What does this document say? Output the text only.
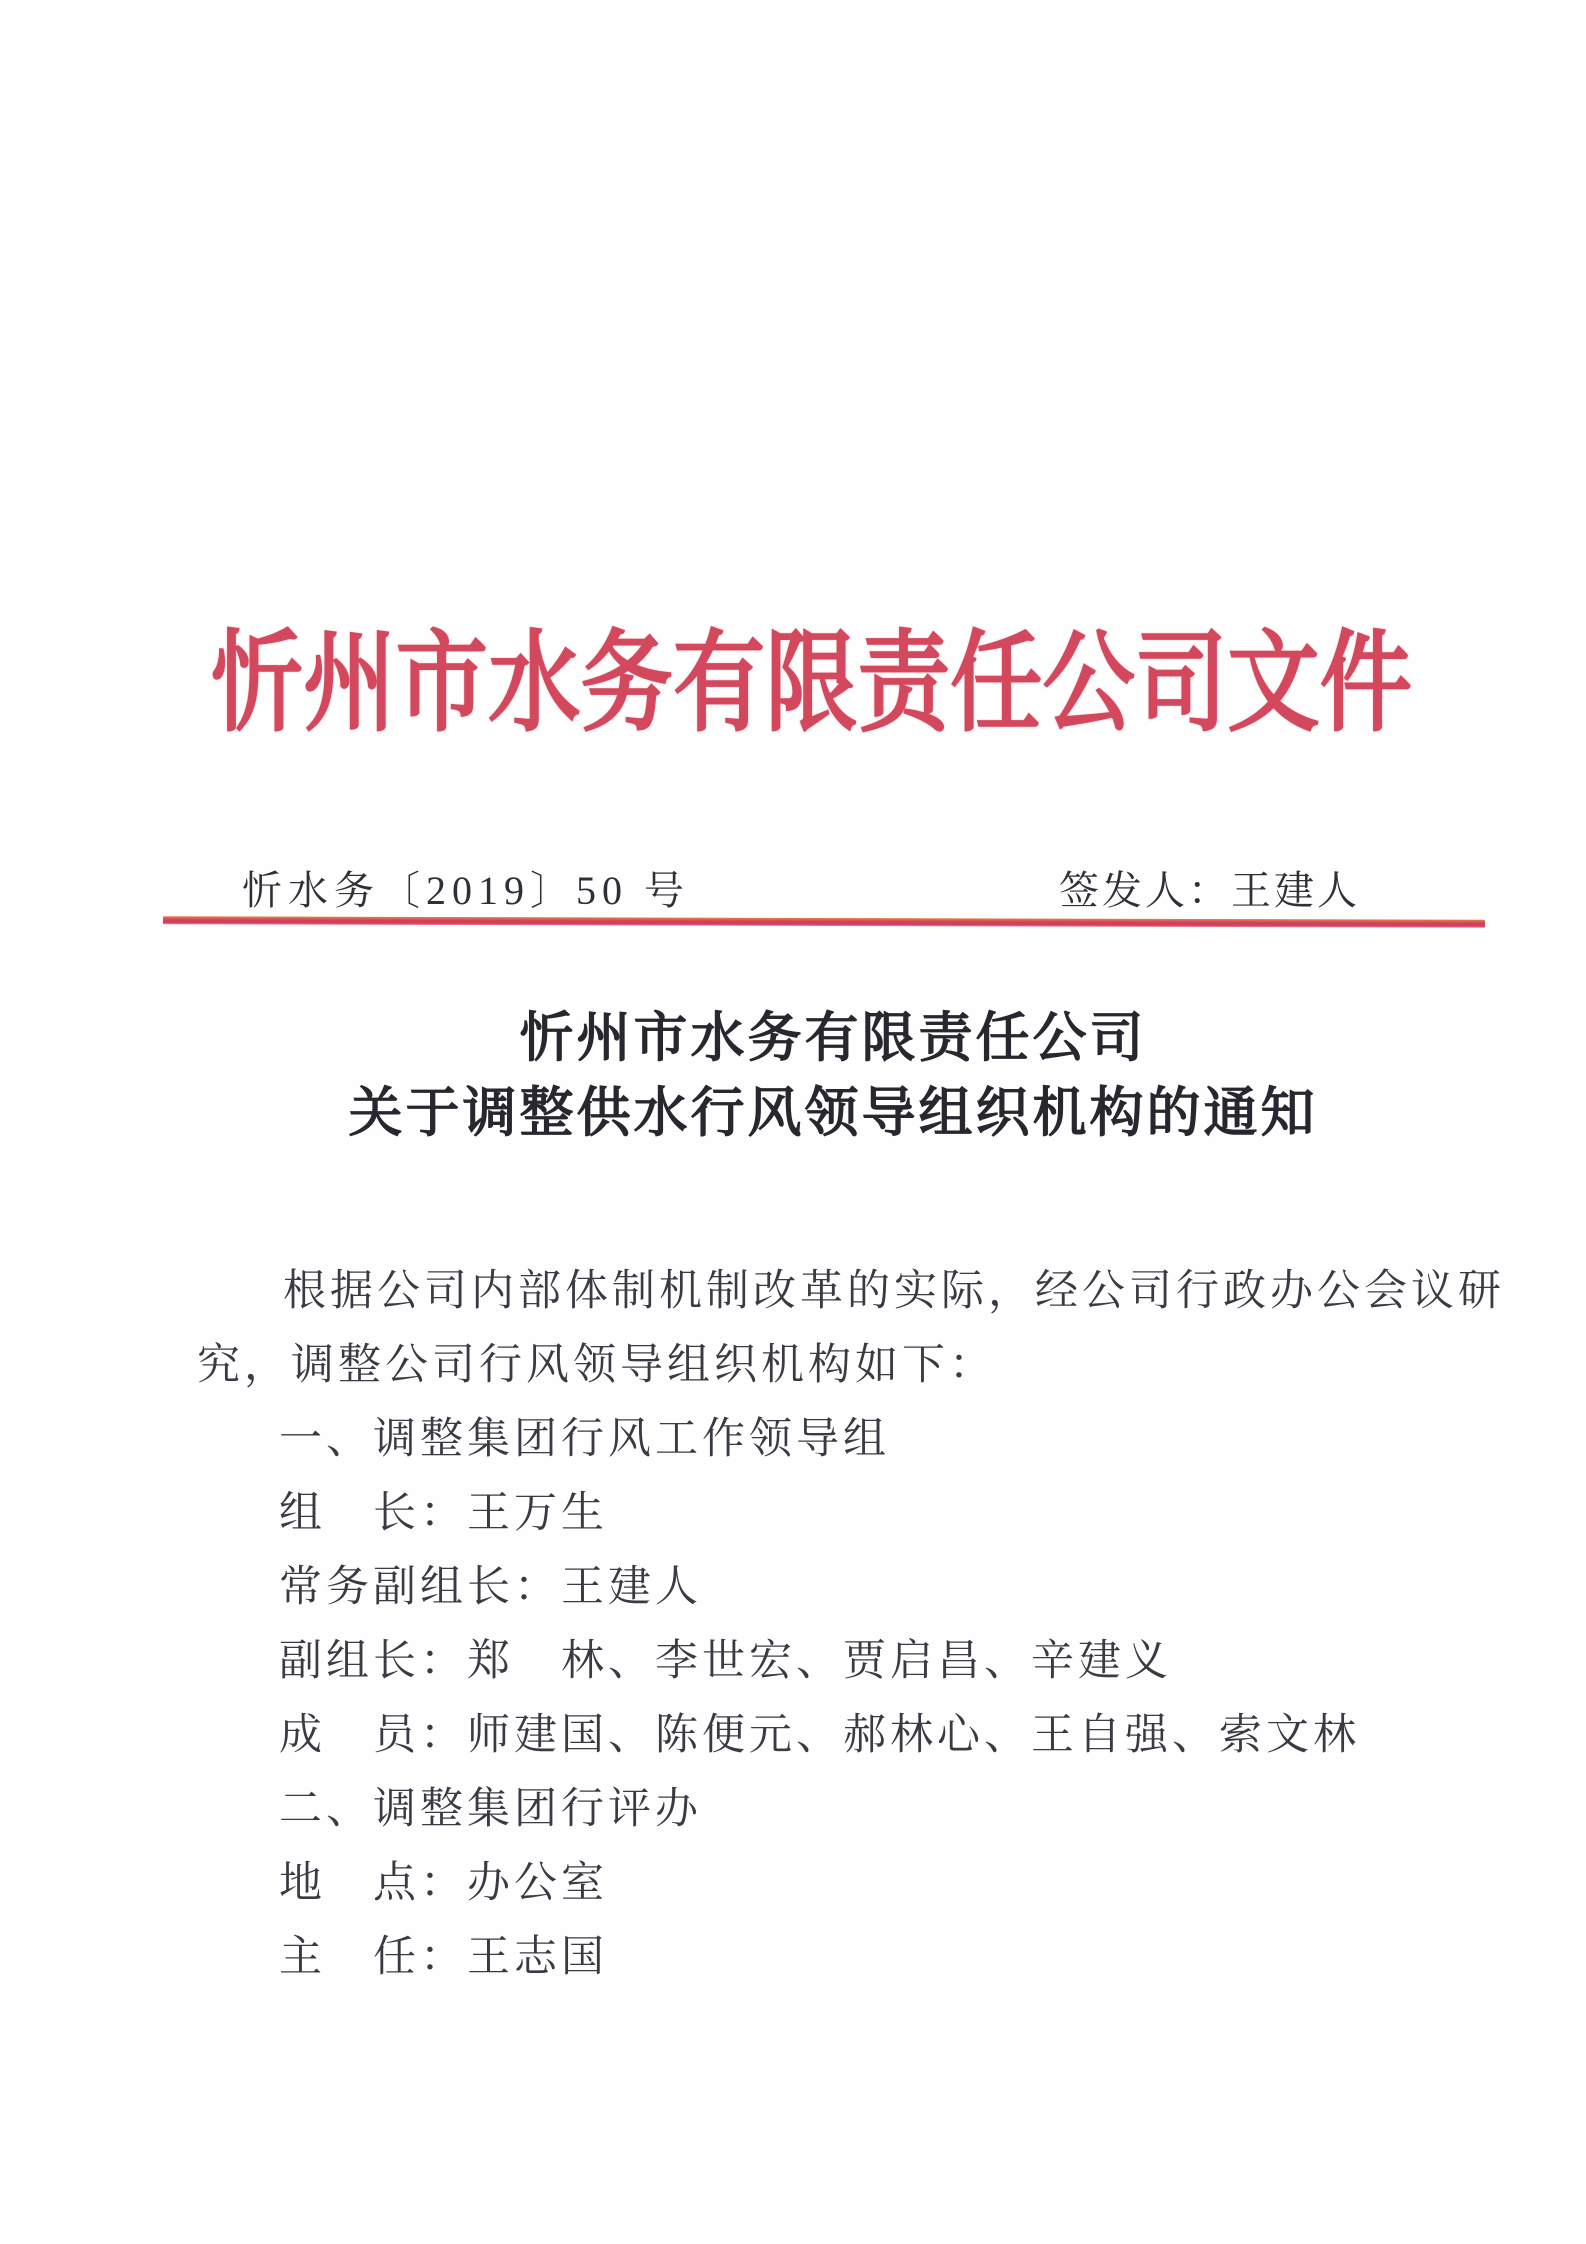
忻州市水务有限责任公司文件
忻水务〔2019〕50 号	签发人：王建人
忻州市水务有限责任公司
关于调整供水行风领导组织机构的通知
根据公司内部体制机制改革的实际，经公司行政办公会议研
究，调整公司行风领导组织机构如下：
一、调整集团行风工作领导组
组　长：王万生
常务副组长：王建人
副组长：郑　林、李世宏、贾启昌、辛建义
成　员：师建国、陈便元、郝林心、王自强、索文林
二、调整集团行评办
地　点：办公室
主　任：王志国
